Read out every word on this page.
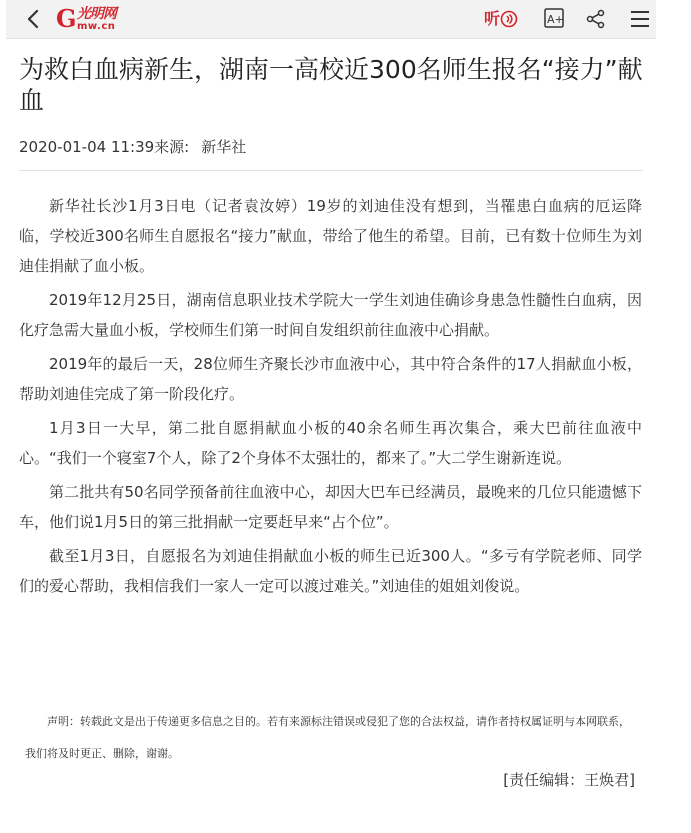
G 光明网
mw.cn	听	A+
为救白血病新生，湖南一高校近300名师生报名“接力”献血
2020-01-04 11:39来源: 新华社

新华社长沙1月3日电（记者袁汝婷）19岁的刘迪佳没有想到，当罹患白血病的厄运降临，学校近300名师生自愿报名“接力”献血，带给了他生的希望。目前，已有数十位师生为刘迪佳捐献了血小板。

2019年12月25日，湖南信息职业技术学院大一学生刘迪佳确诊身患急性髓性白血病，因化疗急需大量血小板，学校师生们第一时间自发组织前往血液中心捐献。

2019年的最后一天，28位师生齐聚长沙市血液中心，其中符合条件的17人捐献血小板，帮助刘迪佳完成了第一阶段化疗。

1月3日一大早，第二批自愿捐献血小板的40余名师生再次集合，乘大巴前往血液中心。“我们一个寝室7个人，除了2个身体不太强壮的，都来了。”大二学生谢新连说。

第二批共有50名同学预备前往血液中心，却因大巴车已经满员，最晚来的几位只能遗憾下车，他们说1月5日的第三批捐献一定要赶早来“占个位”。

截至1月3日，自愿报名为刘迪佳捐献血小板的师生已近300人。“多亏有学院老师、同学们的爱心帮助，我相信我们一家人一定可以渡过难关。”刘迪佳的姐姐刘俊说。

声明：转载此文是出于传递更多信息之目的。若有来源标注错误或侵犯了您的合法权益，请作者持权属证明与本网联系，我们将及时更正、删除，谢谢。
[责任编辑：王焕君]
